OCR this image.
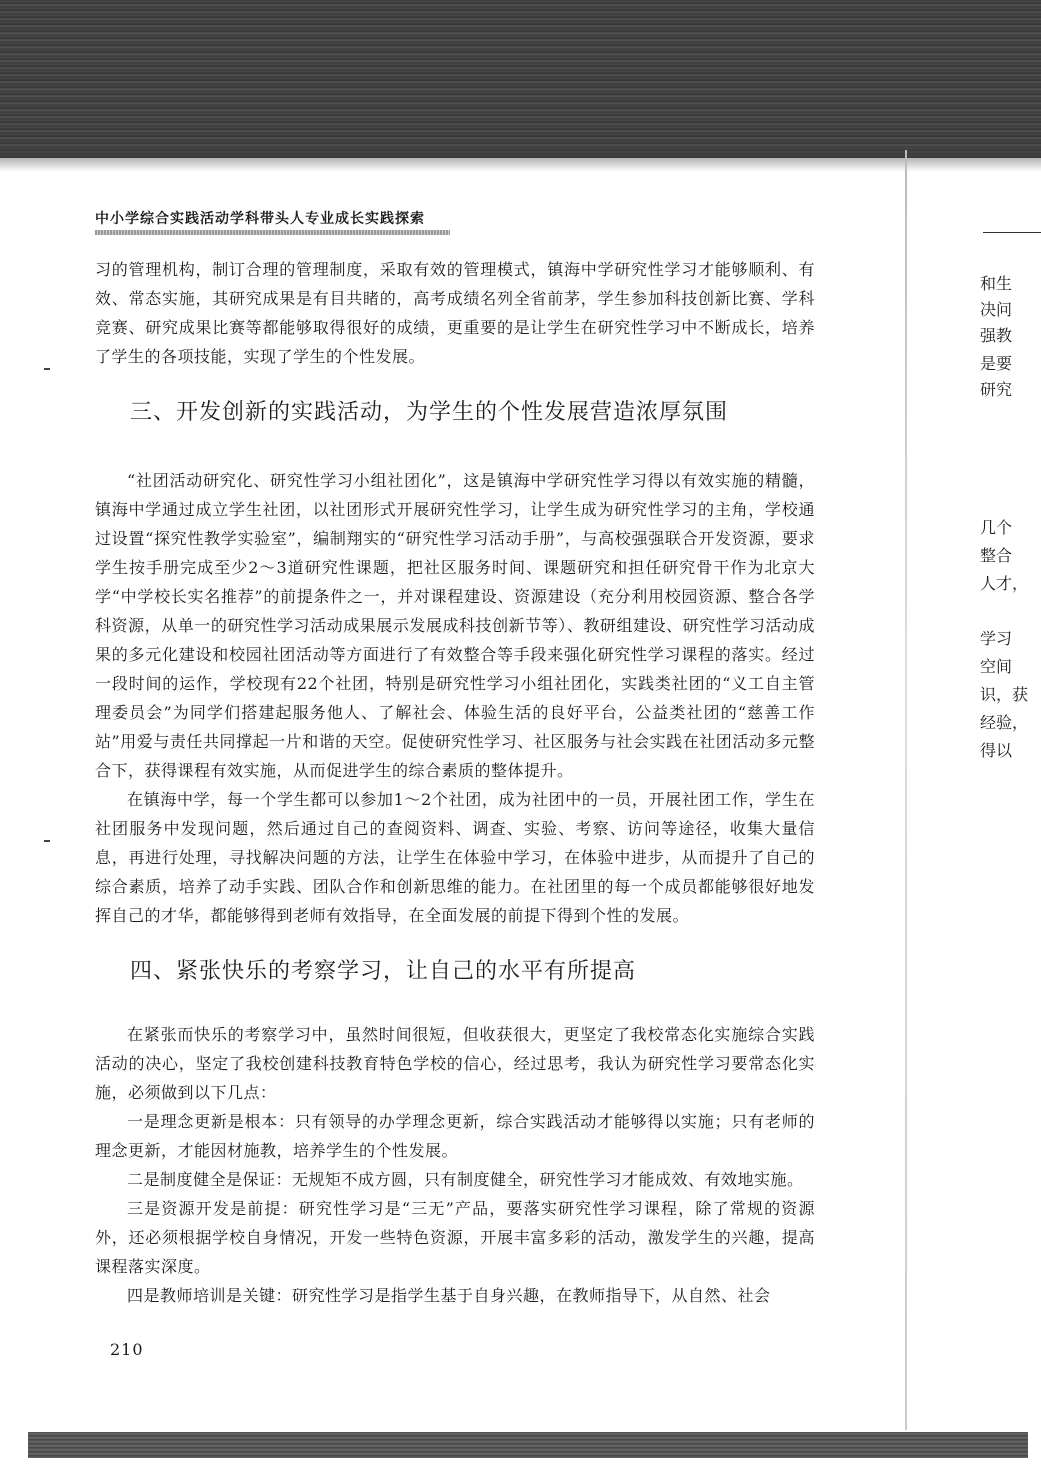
中小学综合实践活动学科带头人专业成长实践探索

习的管理机构，制订合理的管理制度，采取有效的管理模式，镇海中学研究性学习才能够顺利、有效、常态实施，其研究成果是有目共睹的，高考成绩名列全省前茅，学生参加科技创新比赛、学科竞赛、研究成果比赛等都能够取得很好的成绩，更重要的是让学生在研究性学习中不断成长，培养了学生的各项技能，实现了学生的个性发展。

三、开发创新的实践活动，为学生的个性发展营造浓厚氛围

“社团活动研究化、研究性学习小组社团化”，这是镇海中学研究性学习得以有效实施的精髓，镇海中学通过成立学生社团，以社团形式开展研究性学习，让学生成为研究性学习的主角，学校通过设置“探究性教学实验室”，编制翔实的“研究性学习活动手册”，与高校强强联合开发资源，要求学生按手册完成至少2～3道研究性课题，把社区服务时间、课题研究和担任研究骨干作为北京大学“中学校长实名推荐”的前提条件之一，并对课程建设、资源建设（充分利用校园资源、整合各学科资源，从单一的研究性学习活动成果展示发展成科技创新节等）、教研组建设、研究性学习活动成果的多元化建设和校园社团活动等方面进行了有效整合等手段来强化研究性学习课程的落实。经过一段时间的运作，学校现有22个社团，特别是研究性学习小组社团化，实践类社团的“义工自主管理委员会”为同学们搭建起服务他人、了解社会、体验生活的良好平台，公益类社团的“慈善工作站”用爱与责任共同撑起一片和谐的天空。促使研究性学习、社区服务与社会实践在社团活动多元整合下，获得课程有效实施，从而促进学生的综合素质的整体提升。

在镇海中学，每一个学生都可以参加1～2个社团，成为社团中的一员，开展社团工作，学生在社团服务中发现问题，然后通过自己的查阅资料、调查、实验、考察、访问等途径，收集大量信息，再进行处理，寻找解决问题的方法，让学生在体验中学习，在体验中进步，从而提升了自己的综合素质，培养了动手实践、团队合作和创新思维的能力。在社团里的每一个成员都能够很好地发挥自己的才华，都能够得到老师有效指导，在全面发展的前提下得到个性的发展。

四、紧张快乐的考察学习，让自己的水平有所提高

在紧张而快乐的考察学习中，虽然时间很短，但收获很大，更坚定了我校常态化实施综合实践活动的决心，坚定了我校创建科技教育特色学校的信心，经过思考，我认为研究性学习要常态化实施，必须做到以下几点：

一是理念更新是根本：只有领导的办学理念更新，综合实践活动才能够得以实施；只有老师的理念更新，才能因材施教，培养学生的个性发展。

二是制度健全是保证：无规矩不成方圆，只有制度健全，研究性学习才能成效、有效地实施。

三是资源开发是前提：研究性学习是“三无”产品，要落实研究性学习课程，除了常规的资源外，还必须根据学校自身情况，开发一些特色资源，开展丰富多彩的活动，激发学生的兴趣，提高课程落实深度。

四是教师培训是关键：研究性学习是指学生基于自身兴趣，在教师指导下，从自然、社会

210
和生
决问
强教
是要
研究
几个
整合
人才，
学习
空间
识，获
经验，
得以
